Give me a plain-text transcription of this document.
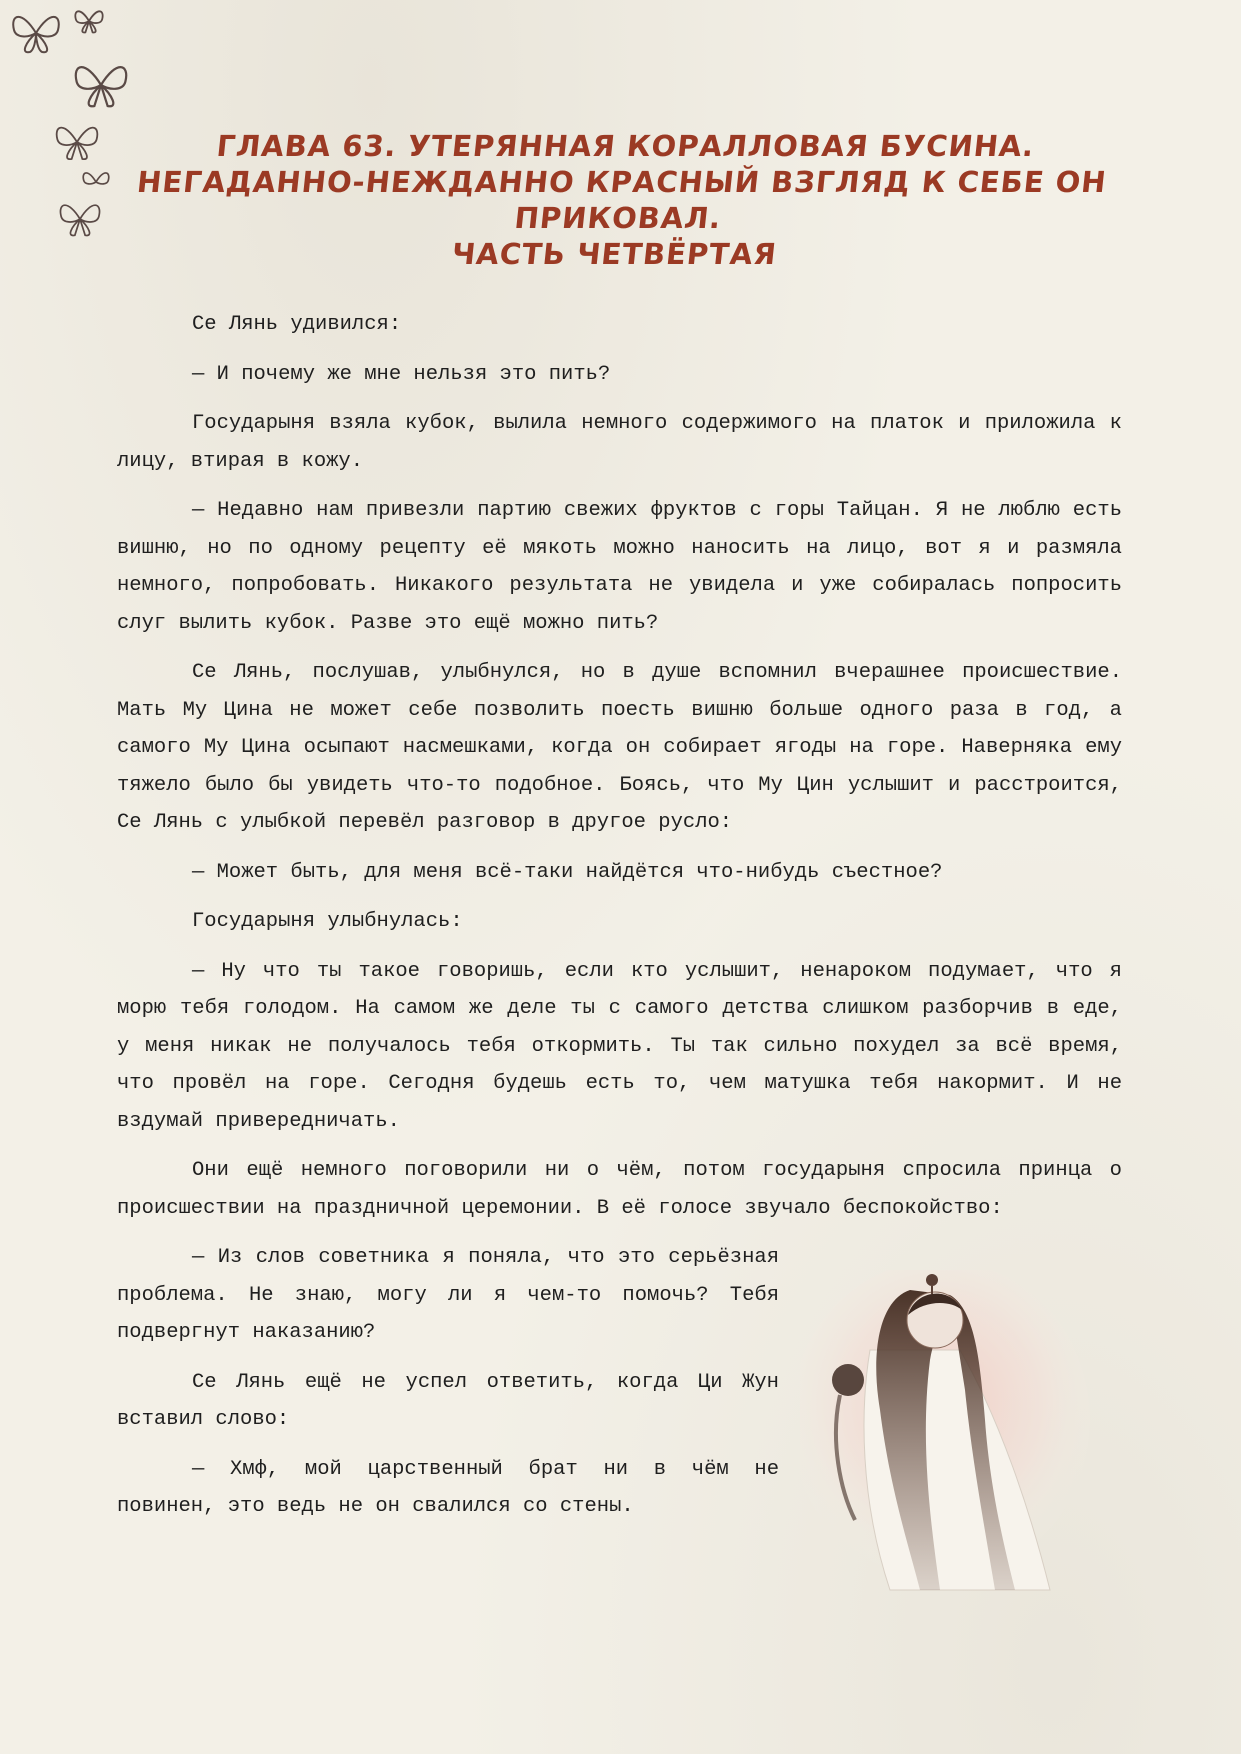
ГЛАВА 63. УТЕРЯННАЯ КОРАЛЛОВАЯ БУСИНА.
НЕГАДАННО-НЕЖДАННО КРАСНЫЙ ВЗГЛЯД К СЕБЕ ОН ПРИКОВАЛ.
ЧАСТЬ ЧЕТВЁРТАЯ

Се Лянь удивился:

— И почему же мне нельзя это пить?

Государыня взяла кубок, вылила немного содержимого на платок и приложила к лицу, втирая в кожу.

— Недавно нам привезли партию свежих фруктов с горы Тайцан. Я не люблю есть вишню, но по одному рецепту её мякоть можно наносить на лицо, вот я и размяла немного, попробовать. Никакого результата не увидела и уже собиралась попросить слуг вылить кубок. Разве это ещё можно пить?

Се Лянь, послушав, улыбнулся, но в душе вспомнил вчерашнее происшествие. Мать Му Цина не может себе позволить поесть вишню больше одного раза в год, а самого Му Цина осыпают насмешками, когда он собирает ягоды на горе. Наверняка ему тяжело было бы увидеть что-то подобное. Боясь, что Му Цин услышит и расстроится, Се Лянь с улыбкой перевёл разговор в другое русло:

— Может быть, для меня всё-таки найдётся что-нибудь съестное?

Государыня улыбнулась:

— Ну что ты такое говоришь, если кто услышит, ненароком подумает, что я морю тебя голодом. На самом же деле ты с самого детства слишком разборчив в еде, у меня никак не получалось тебя откормить. Ты так сильно похудел за всё время, что провёл на горе. Сегодня будешь есть то, чем матушка тебя накормит. И не вздумай привередничать.

Они ещё немного поговорили ни о чём, потом государыня спросила принца о происшествии на праздничной церемонии. В её голосе звучало беспокойство:

— Из слов советника я поняла, что это серьёзная проблема. Не знаю, могу ли я чем-то помочь? Тебя подвергнут наказанию?

Се Лянь ещё не успел ответить, когда Ци Жун вставил слово:

— Хмф, мой царственный брат ни в чём не повинен, это ведь не он свалился со стены.
